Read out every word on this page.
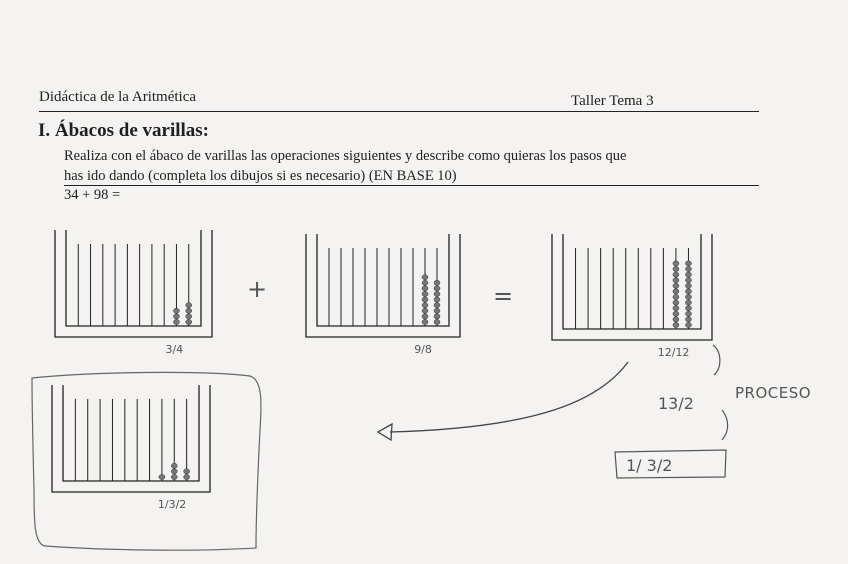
Didáctica de la Aritmética	Taller Tema 3
I. Ábacos de varillas:
Realiza con el ábaco de varillas las operaciones siguientes y describe como quieras los pasos que
has ido dando (completa los dibujos si es necesario) (EN BASE 10)
34 + 98 =
+	=
PROCESO
13/2
1/ 3/2
3/4	9/8	12/12
1/3/2
